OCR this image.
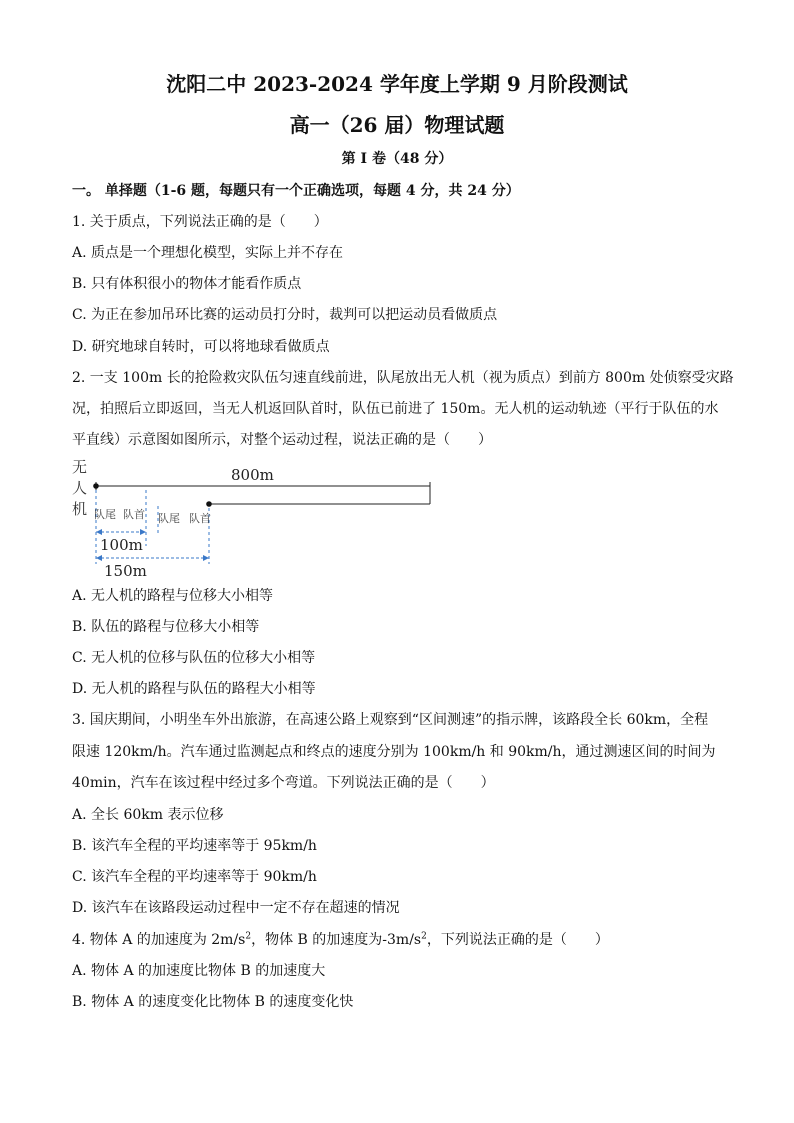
沈阳二中 2023-2024 学年度上学期 9 月阶段测试
高一（26 届）物理试题
第 I 卷（48 分）
一。 单择题（1-6 题，每题只有一个正确选项，每题 4 分，共 24 分）
1. 关于质点，下列说法正确的是（　　）
A. 质点是一个理想化模型，实际上并不存在
B. 只有体积很小的物体才能看作质点
C. 为正在参加吊环比赛的运动员打分时，裁判可以把运动员看做质点
D. 研究地球自转时，可以将地球看做质点
2. 一支 100m 长的抢险救灾队伍匀速直线前进，队尾放出无人机（视为质点）到前方 800m 处侦察受灾路
况，拍照后立即返回，当无人机返回队首时，队伍已前进了 150m。无人机的运动轨迹（平行于队伍的水
平直线）示意图如图所示，对整个运动过程，说法正确的是（　　）
无
人
机
800m
队尾 队首 队尾 队首
100m
150m
A. 无人机的路程与位移大小相等
B. 队伍的路程与位移大小相等
C. 无人机的位移与队伍的位移大小相等
D. 无人机的路程与队伍的路程大小相等
3. 国庆期间，小明坐车外出旅游，在高速公路上观察到“区间测速”的指示牌，该路段全长 60km，全程
限速 120km/h。汽车通过监测起点和终点的速度分别为 100km/h 和 90km/h，通过测速区间的时间为
40min，汽车在该过程中经过多个弯道。下列说法正确的是（　　）
A. 全长 60km 表示位移
B. 该汽车全程的平均速率等于 95km/h
C. 该汽车全程的平均速率等于 90km/h
D. 该汽车在该路段运动过程中一定不存在超速的情况
4. 物体 A 的加速度为 $2m/s^2$，物体 B 的加速度为$-3m/s^2$，下列说法正确的是（　　）
A. 物体 A 的加速度比物体 B 的加速度大
B. 物体 A 的速度变化比物体 B 的速度变化快
